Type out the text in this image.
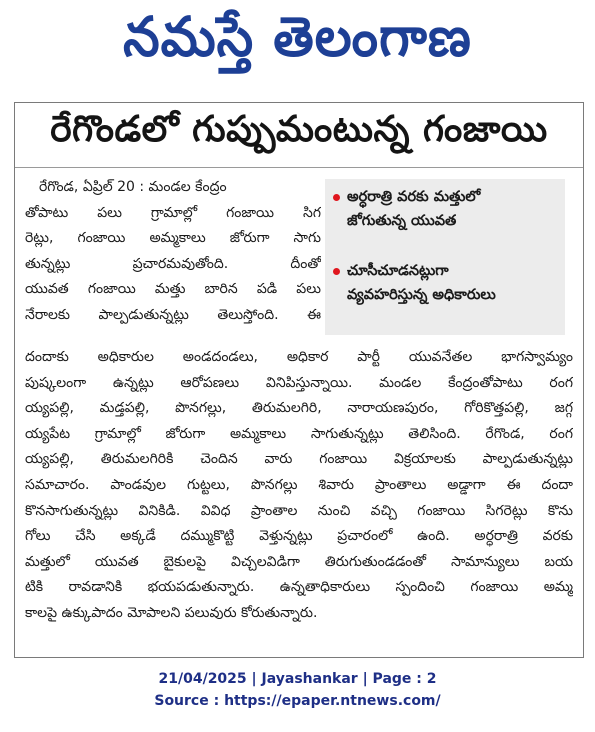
నమస్తే తెలంగాణ
రేగొండలో గుప్పుమంటున్న గంజాయి
రేగొండ, ఏప్రిల్ 20 : మండల కేంద్రం
తోపాటు పలు గ్రామాల్లో గంజాయి సిగ
రెట్లు, గంజాయి అమ్మకాలు జోరుగా సాగు
తున్నట్లు ప్రచారమవుతోంది. దీంతో
యువత గంజాయి మత్తు బారిన పడి పలు
నేరాలకు పాల్పడుతున్నట్లు తెలుస్తోంది. ఈ
అర్ధరాత్రి వరకు మత్తులో
జోగుతున్న యువత
చూసీచూడనట్లుగా
వ్యవహరిస్తున్న అధికారులు
దందాకు అధికారుల అండదండలు, అధికార పార్టీ యువనేతల భాగస్వామ్యం
పుష్కలంగా ఉన్నట్లు ఆరోపణలు వినిపిస్తున్నాయి. మండల కేంద్రంతోపాటు రంగ
య్యపల్లి, మడ్తపల్లి, పొనగల్లు, తిరుమలగిరి, నారాయణపురం, గోరికొత్తపల్లి, జగ్గ
య్యపేట గ్రామాల్లో జోరుగా అమ్మకాలు సాగుతున్నట్లు తెలిసింది. రేగొండ, రంగ
య్యపల్లి, తిరుమలగిరికి చెందిన వారు గంజాయి విక్రయాలకు పాల్పడుతున్నట్లు
సమాచారం. పాండవుల గుట్టలు, పొనగల్లు శివారు ప్రాంతాలు అడ్డాగా ఈ దందా
కొనసాగుతున్నట్లు వినికిడి. వివిధ ప్రాంతాల నుంచి వచ్చి గంజాయి సిగరెట్లు కొను
గోలు చేసి అక్కడే దమ్ముకొట్టి వెళ్తున్నట్లు ప్రచారంలో ఉంది. అర్ధరాత్రి వరకు
మత్తులో యువత బైకులపై విచ్చలవిడిగా తిరుగుతుండడంతో సామాన్యులు బయ
టికి రావడానికి భయపడుతున్నారు. ఉన్నతాధికారులు స్పందించి గంజాయి అమ్మ
కాలపై ఉక్కుపాదం మోపాలని పలువురు కోరుతున్నారు.
21/04/2025 | Jayashankar | Page : 2
Source : https://epaper.ntnews.com/
